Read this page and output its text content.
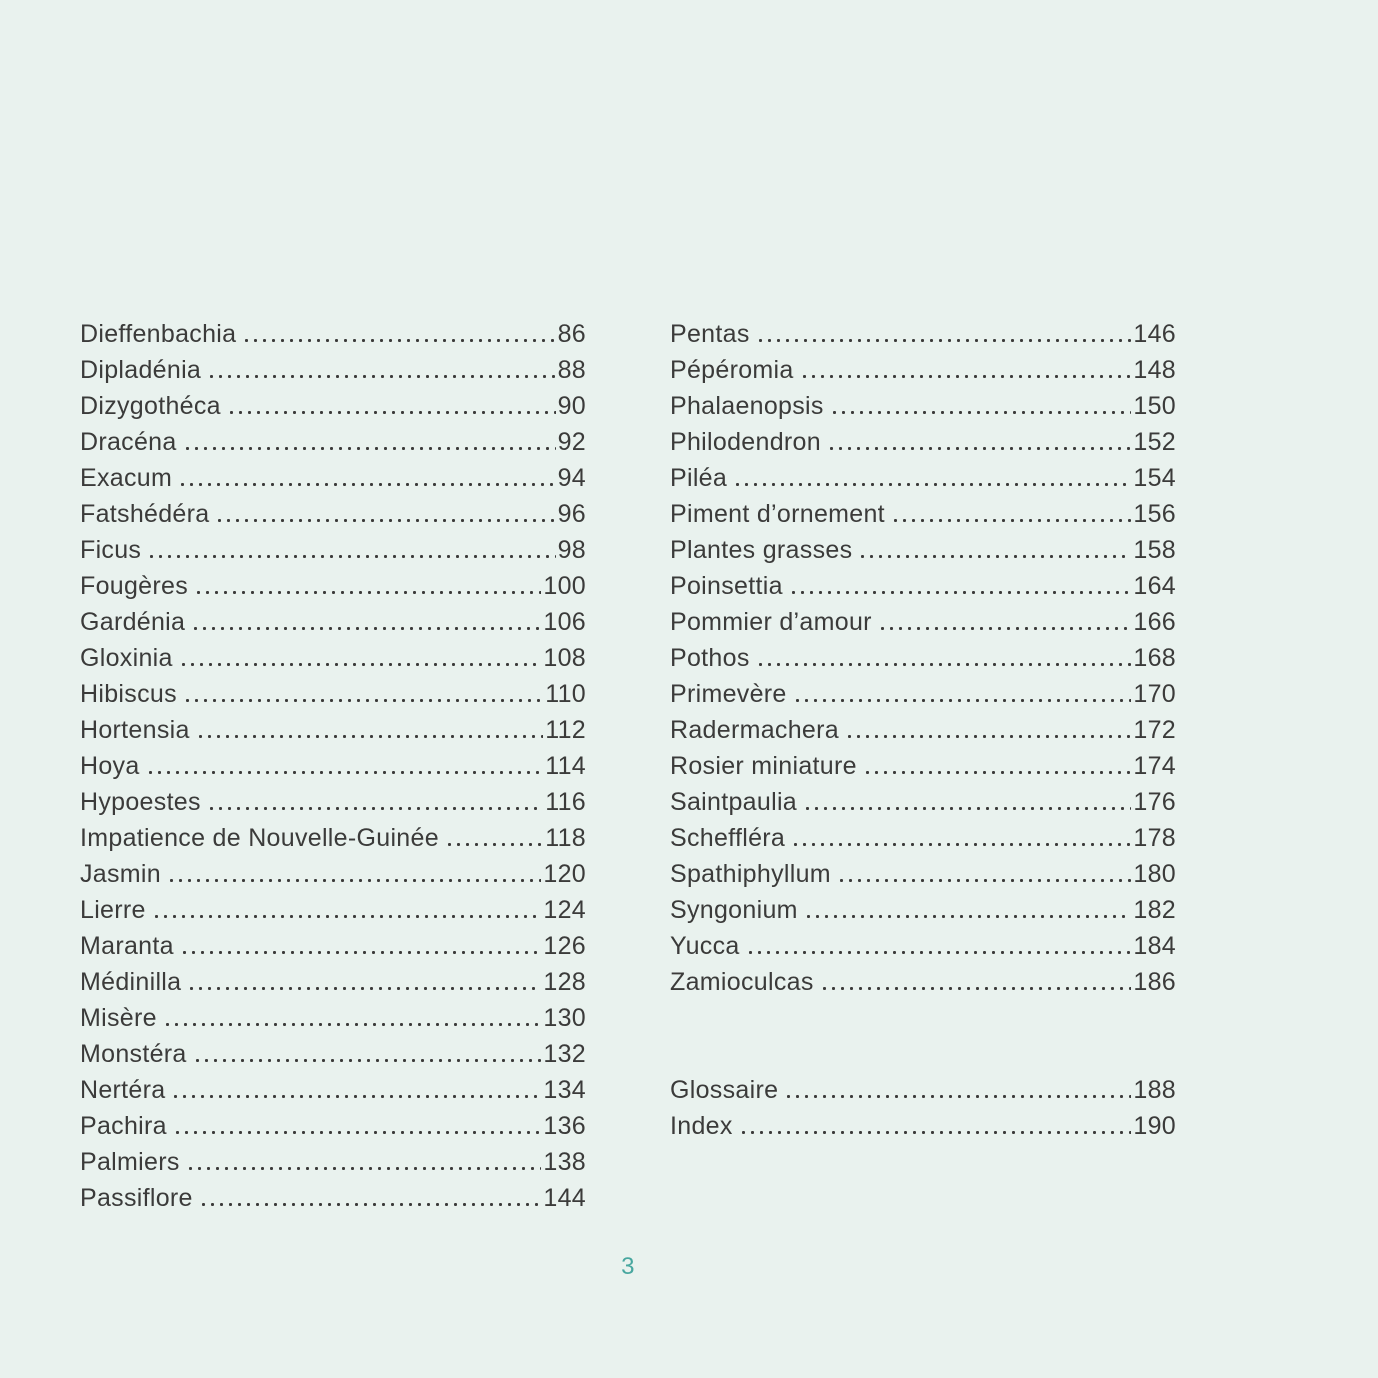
Dieffenbachia	86
Dipladénia	88
Dizygothéca	90
Dracéna	92
Exacum	94
Fatshédéra	96
Ficus	98
Fougères	100
Gardénia	106
Gloxinia	108
Hibiscus	110
Hortensia	112
Hoya	114
Hypoestes	116
Impatience de Nouvelle-Guinée	118
Jasmin	120
Lierre	124
Maranta	126
Médinilla	128
Misère	130
Monstéra	132
Nertéra	134
Pachira	136
Palmiers	138
Passiflore	144
Pentas	146
Pépéromia	148
Phalaenopsis	150
Philodendron	152
Piléa	154
Piment d’ornement	156
Plantes grasses	158
Poinsettia	164
Pommier d’amour	166
Pothos	168
Primevère	170
Radermachera	172
Rosier miniature	174
Saintpaulia	176
Scheffléra	178
Spathiphyllum	180
Syngonium	182
Yucca	184
Zamioculcas	186
Glossaire	188
Index	190
3
